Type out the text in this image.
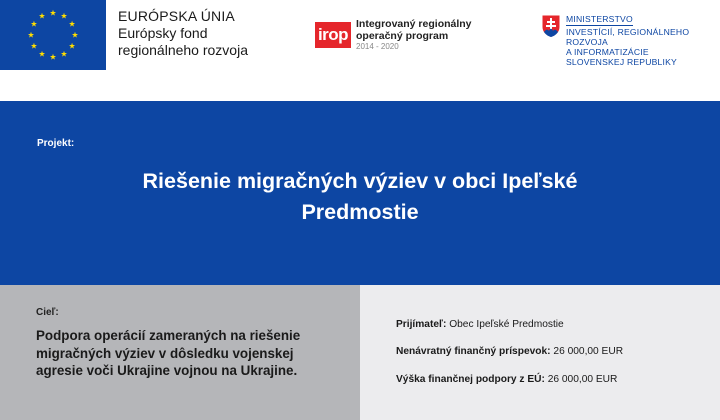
EURÓPSKA ÚNIA
Európsky fond
regionálneho rozvoja
irop
Integrovaný regionálny
operačný program
2014 - 2020
MINISTERSTVO
INVESTÍCIÍ, REGIONÁLNEHO ROZVOJA
A INFORMATIZÁCIE
SLOVENSKEJ REPUBLIKY
Projekt:
Riešenie migračných výziev v obci Ipeľské
Predmostie
Cieľ:
Podpora operácií zameraných na riešenie
migračných výziev v dôsledku vojenskej
agresie voči Ukrajine vojnou na Ukrajine.
Prijímateľ: Obec Ipeľské Predmostie
Nenávratný finančný príspevok: 26 000,00 EUR
Výška finančnej podpory z EÚ: 26 000,00 EUR
